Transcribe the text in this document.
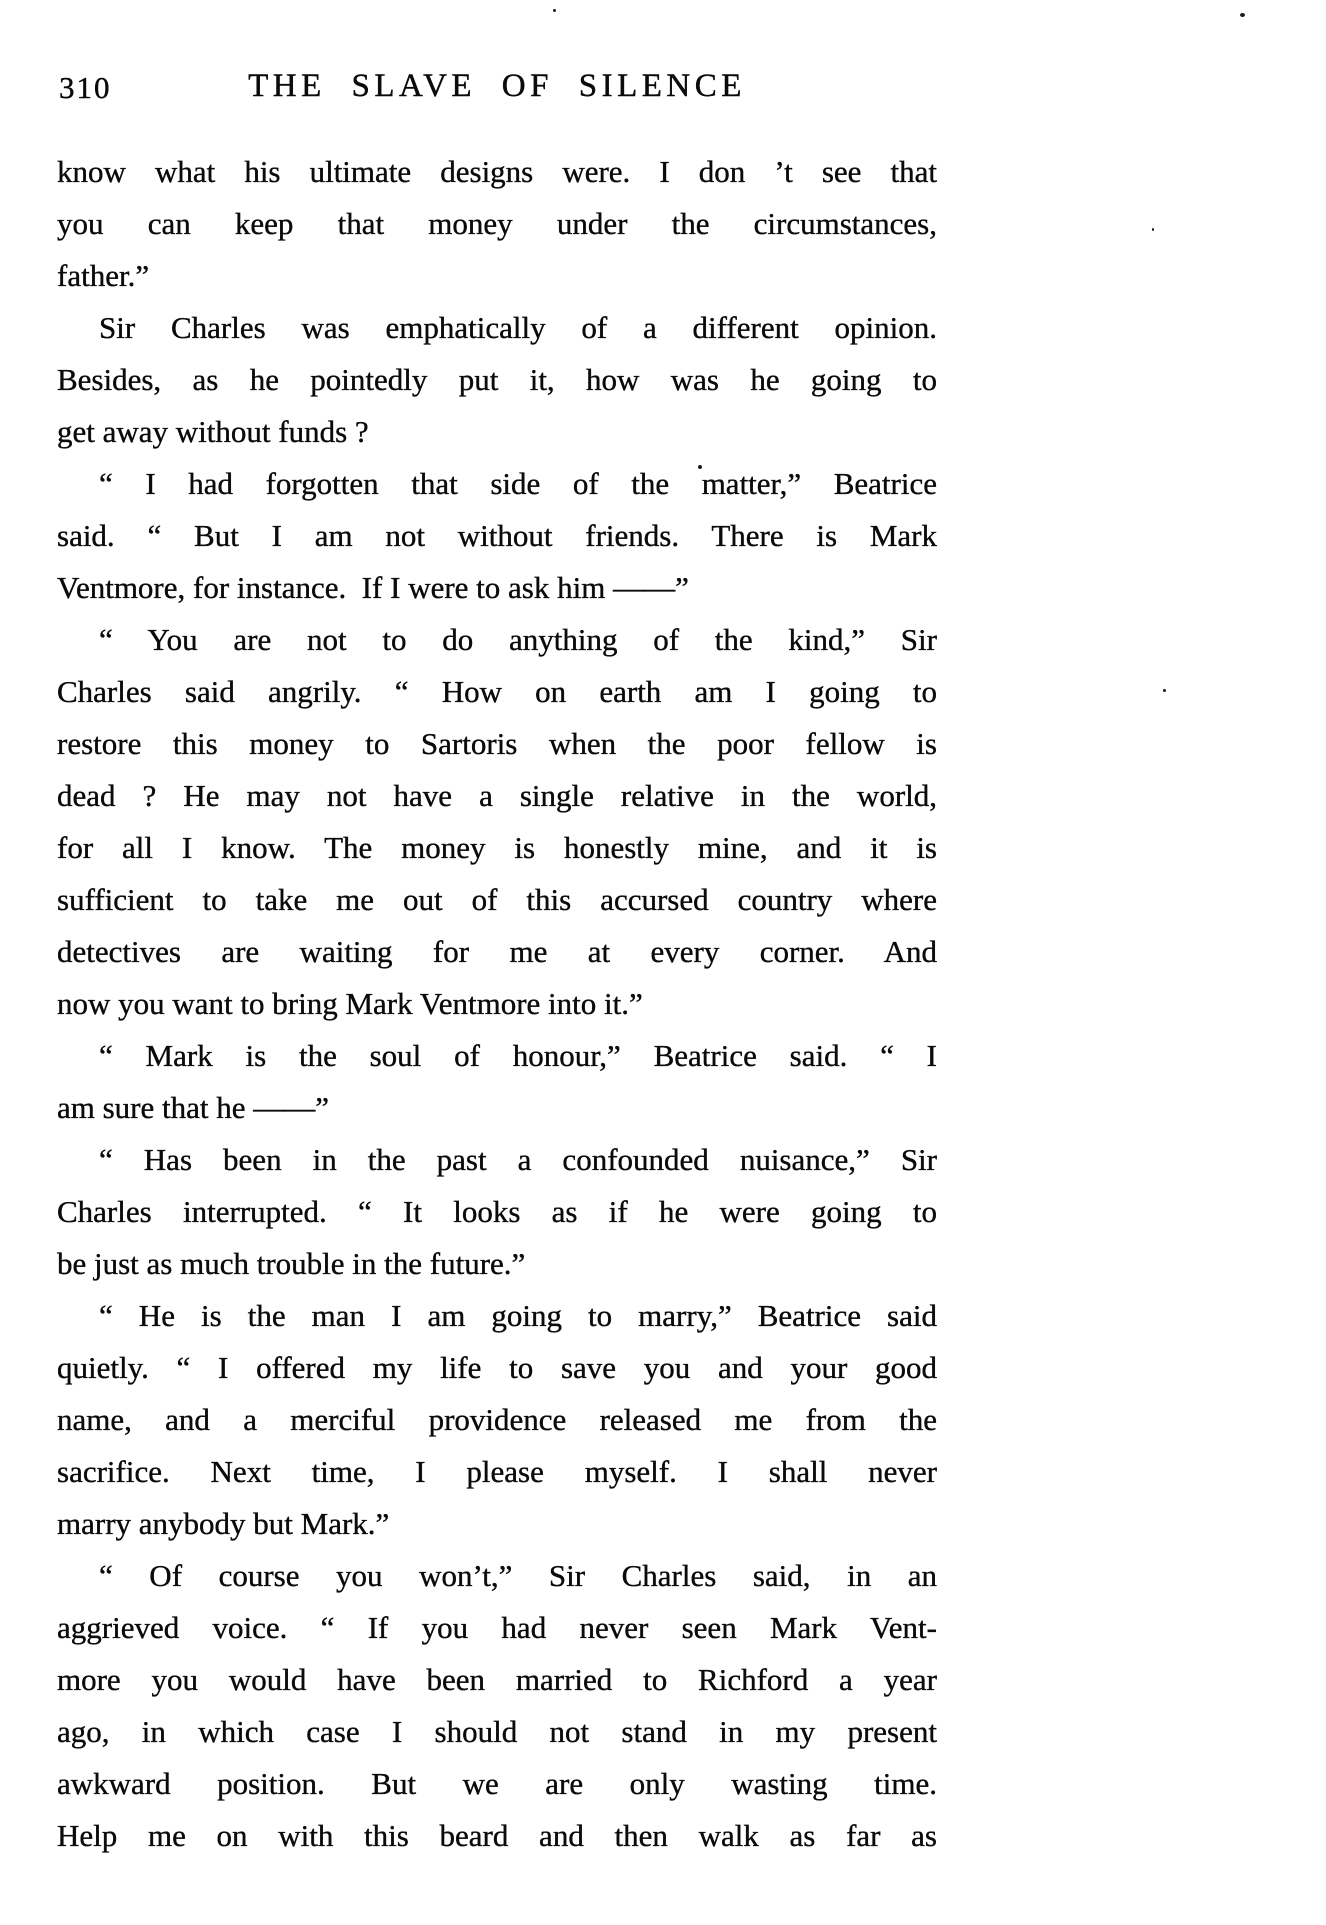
310	THE SLAVE OF SILENCE
know what his ultimate designs were. I don ’t see that
you can keep that money under the circumstances,
father.”
Sir Charles was emphatically of a different opinion.
Besides, as he pointedly put it, how was he going to
get away without funds ?
“ I had forgotten that side of the matter,” Beatrice
said. “ But I am not without friends. There is Mark
Ventmore, for instance.  If I were to ask him ——”
“ You are not to do anything of the kind,” Sir
Charles said angrily. “ How on earth am I going to
restore this money to Sartoris when the poor fellow is
dead ? He may not have a single relative in the world,
for all I know. The money is honestly mine, and it is
sufficient to take me out of this accursed country where
detectives are waiting for me at every corner. And
now you want to bring Mark Ventmore into it.”
“ Mark is the soul of honour,” Beatrice said. “ I
am sure that he ——”
“ Has been in the past a confounded nuisance,” Sir
Charles interrupted. “ It looks as if he were going to
be just as much trouble in the future.”
“ He is the man I am going to marry,” Beatrice said
quietly. “ I offered my life to save you and your good
name, and a merciful providence released me from the
sacrifice. Next time, I please myself. I shall never
marry anybody but Mark.”
“ Of course you won’t,” Sir Charles said, in an
aggrieved voice. “ If you had never seen Mark Vent-
more you would have been married to Richford a year
ago, in which case I should not stand in my present
awkward position. But we are only wasting time.
Help me on with this beard and then walk as far as
